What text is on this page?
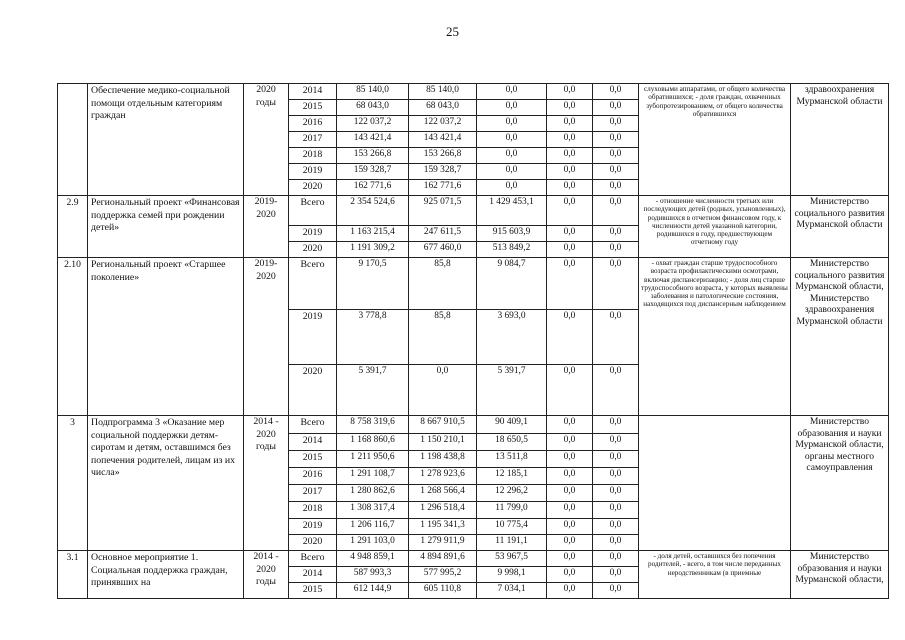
25
	Обеспечение медико-социальной помощи отдельным категориям граждан	2020 годы	2014	85 140,0	85 140,0	0,0	0,0	0,0	слуховыми аппаратами, от общего количества обратившихся; - доля граждан, охваченных зубопротезированием, от общего количества обратившихся	здравоохранения Мурманской области
			2015	68 043,0	68 043,0	0,0	0,0	0,0		
			2016	122 037,2	122 037,2	0,0	0,0	0,0		
			2017	143 421,4	143 421,4	0,0	0,0	0,0		
			2018	153 266,8	153 266,8	0,0	0,0	0,0		
			2019	159 328,7	159 328,7	0,0	0,0	0,0		
			2020	162 771,6	162 771,6	0,0	0,0	0,0		
2.9	Региональный проект «Финансовая поддержка семей при рождении детей»	2019-2020	Всего	2 354 524,6	925 071,5	1 429 453,1	0,0	0,0	- отношение численности третьих или последующих детей (родных, усыновленных), родившихся в отчетном финансовом году, к численности детей указанной категории, родившихся в году, предшествующем отчетному году	Министерство социального развития Мурманской области
			2019	1 163 215,4	247 611,5	915 603,9	0,0	0,0		
			2020	1 191 309,2	677 460,0	513 849,2	0,0	0,0		
2.10	Региональный проект «Старшее поколение»	2019-2020	Всего	9 170,5	85,8	9 084,7	0,0	0,0	- охват граждан старше трудоспособного возраста профилактическими осмотрами, включая диспансеризацию; - доля лиц старше трудоспособного возраста, у которых выявлены заболевания и патологические состояния, находящихся под диспансерным наблюдением	Министерство социального развития Мурманской области, Министерство здравоохранения Мурманской области
			2019	3 778,8	85,8	3 693,0	0,0	0,0		
			2020	5 391,7	0,0	5 391,7	0,0	0,0		
3	Подпрограмма 3 «Оказание мер социальной поддержки детям-сиротам и детям, оставшимся без попечения родителей, лицам из их числа»	2014 - 2020 годы	Всего	8 758 319,6	8 667 910,5	90 409,1	0,0	0,0		Министерство образования и науки Мурманской области, органы местного самоуправления
			2014	1 168 860,6	1 150 210,1	18 650,5	0,0	0,0		
			2015	1 211 950,6	1 198 438,8	13 511,8	0,0	0,0		
			2016	1 291 108,7	1 278 923,6	12 185,1	0,0	0,0		
			2017	1 280 862,6	1 268 566,4	12 296,2	0,0	0,0		
			2018	1 308 317,4	1 296 518,4	11 799,0	0,0	0,0		
			2019	1 206 116,7	1 195 341,3	10 775,4	0,0	0,0		
			2020	1 291 103,0	1 279 911,9	11 191,1	0,0	0,0		
3.1	Основное мероприятие 1. Социальная поддержка граждан, принявших на	2014 - 2020 годы	Всего	4 948 859,1	4 894 891,6	53 967,5	0,0	0,0	- доля детей, оставшихся без попечения родителей, - всего, в том числе переданных неродственникам (в приемные	Министерство образования и науки Мурманской области,
			2014	587 993,3	577 995,2	9 998,1	0,0	0,0		
			2015	612 144,9	605 110,8	7 034,1	0,0	0,0		
